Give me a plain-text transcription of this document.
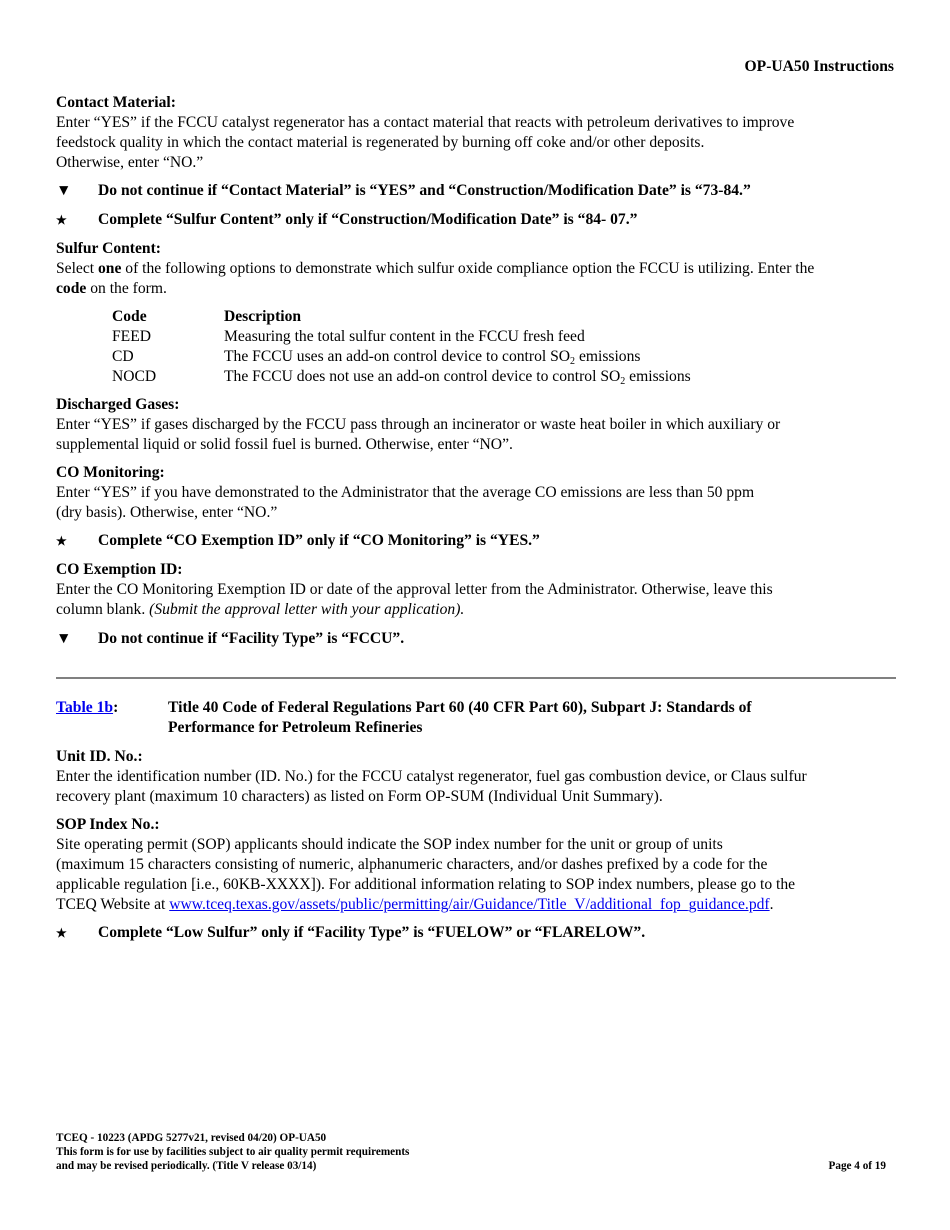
OP-UA50 Instructions

Contact Material:

Enter “YES” if the FCCU catalyst regenerator has a contact material that reacts with petroleum derivatives to improve

feedstock quality in which the contact material is regenerated by burning off coke and/or other deposits.

Otherwise, enter “NO.”

▼	Do not continue if “Contact Material” is “YES” and “Construction/Modification Date” is “73-84.”
★	Complete “Sulfur Content” only if “Construction/Modification Date” is “84- 07.”

Sulfur Content:

Select one of the following options to demonstrate which sulfur oxide compliance option the FCCU is utilizing. Enter the

code on the form.

Code	Description
FEED	Measuring the total sulfur content in the FCCU fresh feed
CD	The FCCU uses an add-on control device to control $SO_2$ emissions
NOCD	The FCCU does not use an add-on control device to control $SO_2$ emissions

Discharged Gases:

Enter “YES” if gases discharged by the FCCU pass through an incinerator or waste heat boiler in which auxiliary or

supplemental liquid or solid fossil fuel is burned. Otherwise, enter “NO”.

CO Monitoring:

Enter “YES” if you have demonstrated to the Administrator that the average CO emissions are less than 50 ppm

(dry basis). Otherwise, enter “NO.”

★	Complete “CO Exemption ID” only if “CO Monitoring” is “YES.”

CO Exemption ID:

Enter the CO Monitoring Exemption ID or date of the approval letter from the Administrator. Otherwise, leave this

column blank. (Submit the approval letter with your application).

▼	Do not continue if “Facility Type” is “FCCU”.
Table 1b:	Title 40 Code of Federal Regulations Part 60 (40 CFR Part 60), Subpart J: Standards of

Performance for Petroleum Refineries

Unit ID. No.:

Enter the identification number (ID. No.) for the FCCU catalyst regenerator, fuel gas combustion device, or Claus sulfur

recovery plant (maximum 10 characters) as listed on Form OP-SUM (Individual Unit Summary).

SOP Index No.:

Site operating permit (SOP) applicants should indicate the SOP index number for the unit or group of units

(maximum 15 characters consisting of numeric, alphanumeric characters, and/or dashes prefixed by a code for the

applicable regulation [i.e., 60KB-XXXX]). For additional information relating to SOP index numbers, please go to the

TCEQ Website at www.tceq.texas.gov/assets/public/permitting/air/Guidance/Title_V/additional_fop_guidance.pdf.

★	Complete “Low Sulfur” only if “Facility Type” is “FUELOW” or “FLARELOW”.

TCEQ - 10223 (APDG 5277v21, revised 04/20) OP-UA50

This form is for use by facilities subject to air quality permit requirements

and may be revised periodically. (Title V release 03/14)	Page 4 of 19
